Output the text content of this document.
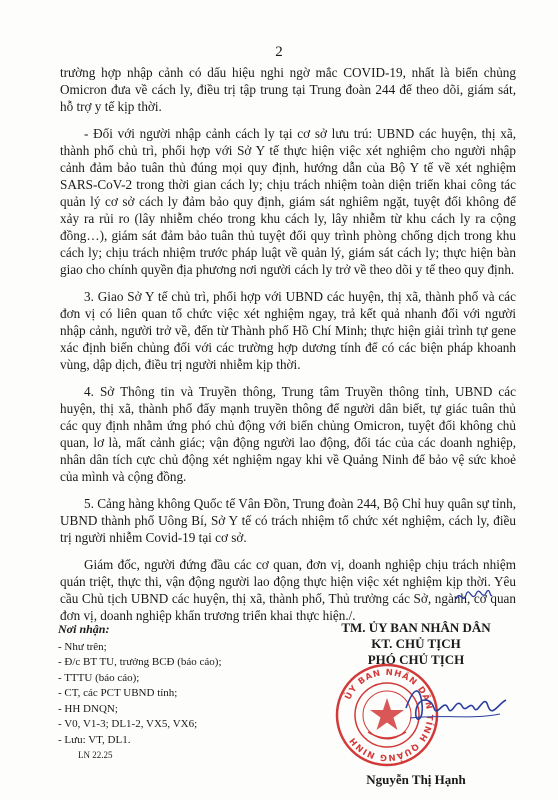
2

trường hợp nhập cảnh có dấu hiệu nghi ngờ mắc COVID-19, nhất là biến chủng Omicron đưa về cách ly, điều trị tập trung tại Trung đoàn 244 để theo dõi, giám sát, hỗ trợ y tế kịp thời.

- Đối với người nhập cảnh cách ly tại cơ sở lưu trú: UBND các huyện, thị xã, thành phố chủ trì, phối hợp với Sở Y tế thực hiện việc xét nghiệm cho người nhập cảnh đảm bảo tuân thủ đúng mọi quy định, hướng dẫn của Bộ Y tế về xét nghiệm SARS-CoV-2 trong thời gian cách ly; chịu trách nhiệm toàn diện triển khai công tác quản lý cơ sở cách ly đảm bảo quy định, giám sát nghiêm ngặt, tuyệt đối không để xảy ra rủi ro (lây nhiễm chéo trong khu cách ly, lây nhiễm từ khu cách ly ra cộng đồng…), giám sát đảm bảo tuân thủ tuyệt đối quy trình phòng chống dịch trong khu cách ly; chịu trách nhiệm trước pháp luật về quản lý, giám sát cách ly; thực hiện bàn giao cho chính quyền địa phương nơi người cách ly trở về theo dõi y tế theo quy định.

3. Giao Sở Y tế chủ trì, phối hợp với UBND các huyện, thị xã, thành phố và các đơn vị có liên quan tổ chức việc xét nghiệm ngay, trả kết quả nhanh đối với người nhập cảnh, người trở về, đến từ Thành phố Hồ Chí Minh; thực hiện giải trình tự gene xác định biến chủng đối với các trường hợp dương tính để có các biện pháp khoanh vùng, dập dịch, điều trị người nhiễm kịp thời.

4. Sở Thông tin và Truyền thông, Trung tâm Truyền thông tỉnh, UBND các huyện, thị xã, thành phố đẩy mạnh truyền thông để người dân biết, tự giác tuân thủ các quy định nhằm ứng phó chủ động với biến chủng Omicron, tuyệt đối không chủ quan, lơ là, mất cảnh giác; vận động người lao động, đối tác của các doanh nghiệp, nhân dân tích cực chủ động xét nghiệm ngay khi về Quảng Ninh để bảo vệ sức khoẻ của mình và cộng đồng.

5. Cảng hàng không Quốc tế Vân Đồn, Trung đoàn 244, Bộ Chỉ huy quân sự tỉnh, UBND thành phố Uông Bí, Sở Y tế có trách nhiệm tổ chức xét nghiệm, cách ly, điều trị người nhiễm Covid-19 tại cơ sở.

Giám đốc, người đứng đầu các cơ quan, đơn vị, doanh nghiệp chịu trách nhiệm quán triệt, thực thi, vận động người lao động thực hiện việc xét nghiệm kịp thời. Yêu cầu Chủ tịch UBND các huyện, thị xã, thành phố, Thủ trưởng các Sở, ngành, cơ quan đơn vị, doanh nghiệp khẩn trương triển khai thực hiện./.

Nơi nhận:
- Như trên;
- Đ/c BT TU, trưởng BCĐ (báo cáo);
- TTTU (báo cáo);
- CT, các PCT UBND tỉnh;
- HH DNQN;
- V0, V1-3; DL1-2, VX5, VX6;
- Lưu: VT, DL1.
LN 22.25
TM. ỦY BAN NHÂN DÂN
KT. CHỦ TỊCH
PHÓ CHỦ TỊCH
ỦY BAN NHÂN DÂN TỈNH QUẢNG NINH
Nguyễn Thị Hạnh
